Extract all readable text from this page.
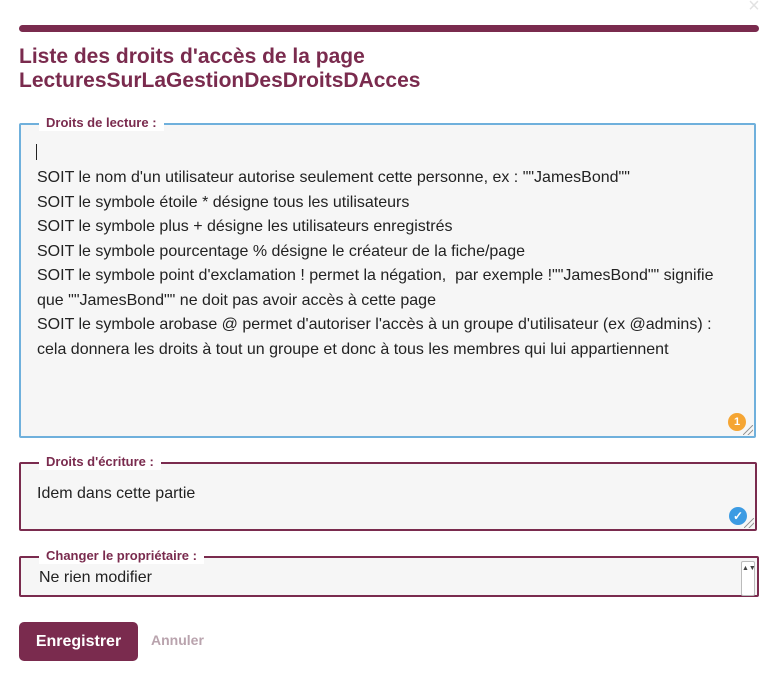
×
Liste des droits d'accès de la page LecturesSurLaGestionDesDroitsDAcces
SOIT le nom d'un utilisateur autorise seulement cette personne, ex : ""JamesBond"" SOIT le symbole étoile * désigne tous les utilisateurs SOIT le symbole plus + désigne les utilisateurs enregistrés SOIT le symbole pourcentage % désigne le créateur de la fiche/page SOIT le symbole point d'exclamation ! permet la négation, par exemple !""JamesBond"" signifie que ""JamesBond"" ne doit pas avoir accès à cette page SOIT le symbole arobase @ permet d'autoriser l'accès à un groupe d'utilisateur (ex @admins) : cela donnera les droits à tout un groupe et donc à tous les membres qui lui appartiennent
Droits de lecture :
1
Idem dans cette partie
Droits d'écriture :
✓
Ne rien modifier
▲▼
Changer le propriétaire :
Enregistrer	Annuler
